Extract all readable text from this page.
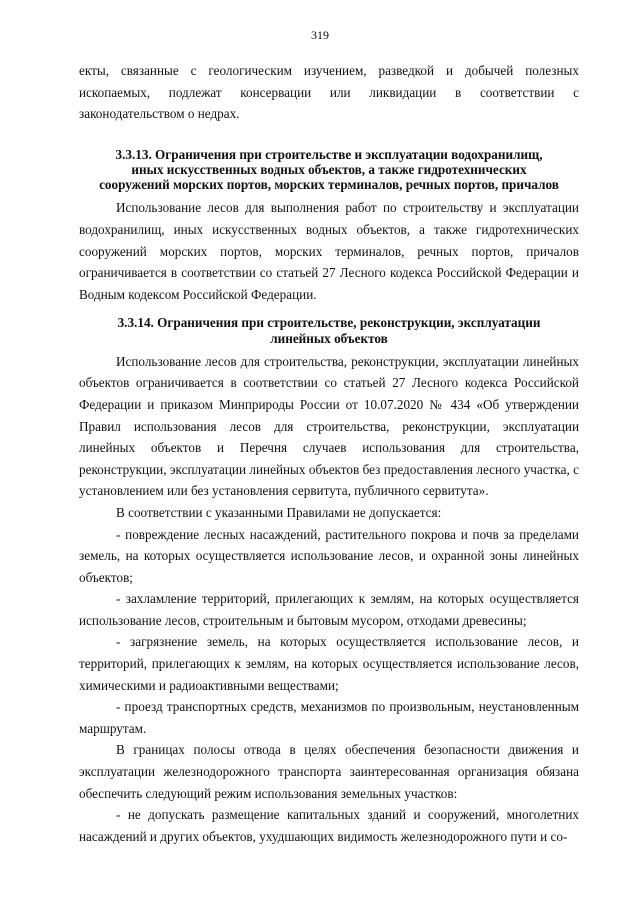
319

екты, связанные с геологическим изучением, разведкой и добычей полезных ископаемых, подлежат консервации или ликвидации в соответствии с законодательством о недрах.

3.3.13. Ограничения при строительстве и эксплуатации водохранилищ, иных искусственных водных объектов, а также гидротехнических сооружений морских портов, морских терминалов, речных портов, причалов

Использование лесов для выполнения работ по строительству и эксплуатации водохранилищ, иных искусственных водных объектов, а также гидротехнических сооружений морских портов, морских терминалов, речных портов, причалов ограничивается в соответствии со статьей 27 Лесного кодекса Российской Федерации и Водным кодексом Российской Федерации.

3.3.14. Ограничения при строительстве, реконструкции, эксплуатации линейных объектов

Использование лесов для строительства, реконструкции, эксплуатации линейных объектов ограничивается в соответствии со статьей 27 Лесного кодекса Российской Федерации и приказом Минприроды России от 10.07.2020 № 434 «Об утверждении Правил использования лесов для строительства, реконструкции, эксплуатации линейных объектов и Перечня случаев использования для строительства, реконструкции, эксплуатации линейных объектов без предоставления лесного участка, с установлением или без установления сервитута, публичного сервитута».

В соответствии с указанными Правилами не допускается:

- повреждение лесных насаждений, растительного покрова и почв за пределами земель, на которых осуществляется использование лесов, и охранной зоны линейных объектов;

- захламление территорий, прилегающих к землям, на которых осуществляется использование лесов, строительным и бытовым мусором, отходами древесины;

- загрязнение земель, на которых осуществляется использование лесов, и территорий, прилегающих к землям, на которых осуществляется использование лесов, химическими и радиоактивными веществами;

- проезд транспортных средств, механизмов по произвольным, неустановленным маршрутам.

В границах полосы отвода в целях обеспечения безопасности движения и эксплуатации железнодорожного транспорта заинтересованная организация обязана обеспечить следующий режим использования земельных участков:

- не допускать размещение капитальных зданий и сооружений, многолетних насаждений и других объектов, ухудшающих видимость железнодорожного пути и со-
